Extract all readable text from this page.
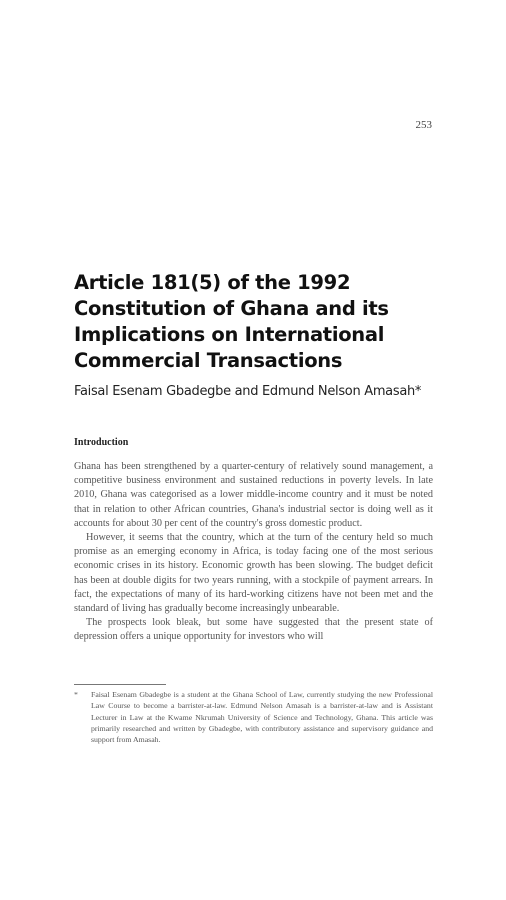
253
Article 181(5) of the 1992
Constitution of Ghana and its
Implications on International
Commercial Transactions
Faisal Esenam Gbadegbe and Edmund Nelson Amasah*
Introduction

Ghana has been strengthened by a quarter-century of relatively sound management, a competitive business environment and sustained reductions in poverty levels. In late 2010, Ghana was categorised as a lower middle-income country and it must be noted that in relation to other African countries, Ghana's industrial sector is doing well as it accounts for about 30 per cent of the country's gross domestic product.

However, it seems that the country, which at the turn of the century held so much promise as an emerging economy in Africa, is today facing one of the most serious economic crises in its history. Economic growth has been slowing. The budget deficit has been at double digits for two years running, with a stockpile of payment arrears. In fact, the expectations of many of its hard-working citizens have not been met and the standard of living has gradually become increasingly unbearable.

The prospects look bleak, but some have suggested that the present state of depression offers a unique opportunity for investors who will

* Faisal Esenam Gbadegbe is a student at the Ghana School of Law, currently studying the new Professional Law Course to become a barrister-at-law. Edmund Nelson Amasah is a barrister-at-law and is Assistant Lecturer in Law at the Kwame Nkrumah University of Science and Technology, Ghana. This article was primarily researched and written by Gbadegbe, with contributory assistance and supervisory guidance and support from Amasah.
